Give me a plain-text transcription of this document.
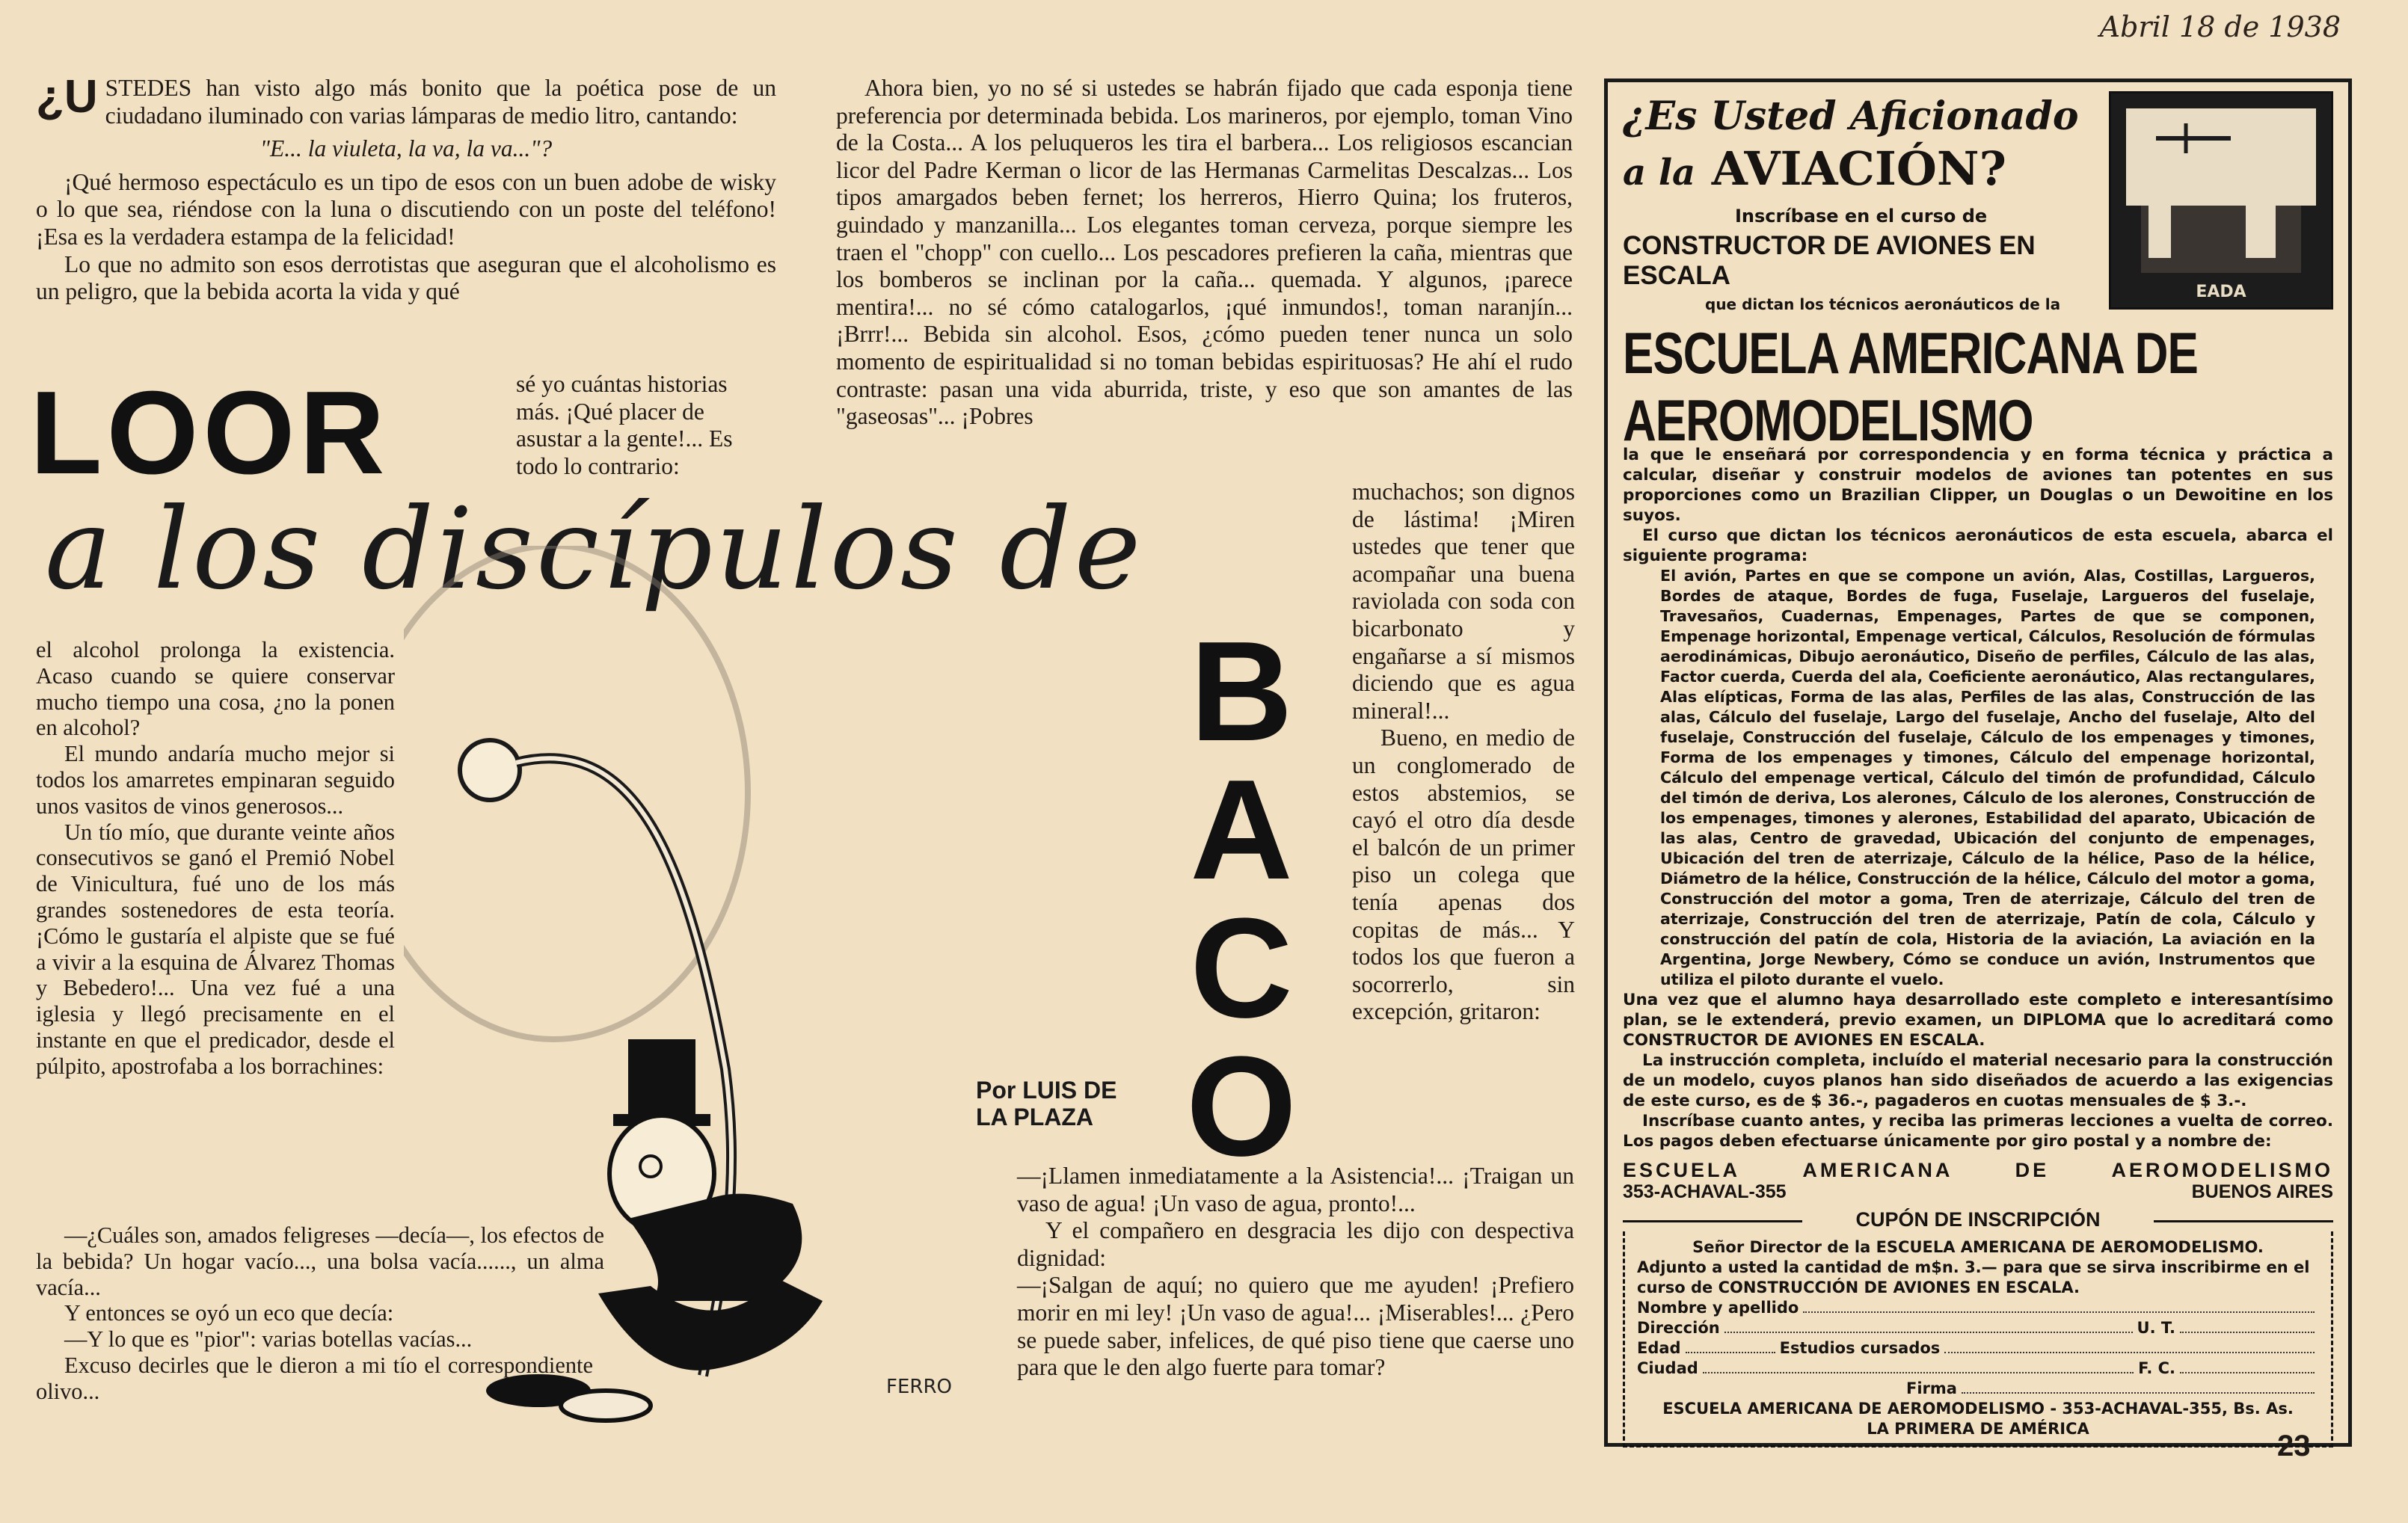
Abril 18 de 1938
¿U STEDES han visto algo más bonito que la poética pose de un ciudadano iluminado con varias lámparas de medio litro, cantando:

"E... la viuleta, la va, la va..."?

¡Qué hermoso espectáculo es un tipo de esos con un buen adobe de wisky o lo que sea, riéndose con la luna o discutiendo con un poste del teléfono! ¡Esa es la verdadera estampa de la felicidad!

Lo que no admito son esos derrotistas que aseguran que el alcoholismo es un peligro, que la bebida acorta la vida y qué

sé yo cuántas historias más. ¡Qué placer de asustar a la gente!... Es todo lo contrario:

LOOR
a los discípulos de
FERRO
B
A
C
O
Por LUIS DE
LA PLAZA

el alcohol prolonga la existencia. Acaso cuando se quiere conservar mucho tiempo una cosa, ¿no la ponen en alcohol?

El mundo andaría mucho mejor si todos los amarretes empinaran seguido unos vasitos de vinos generosos...

Un tío mío, que durante veinte años consecutivos se ganó el Premió Nobel de Vinicultura, fué uno de los más grandes sostenedores de esta teoría. ¡Cómo le gustaría el alpiste que se fué a vivir a la esquina de Álvarez Thomas y Bebedero!... Una vez fué a una iglesia y llegó precisamente en el instante en que el predicador, desde el púlpito, apostrofaba a los borrachines:

—¿Cuáles son, amados feligreses —decía—, los efectos de la bebida? Un hogar vacío..., una bolsa vacía......, un alma vacía...

Y entonces se oyó un eco que decía:

—Y lo que es "pior": varias botellas vacías...

Excuso decirles que le dieron a mi tío el correspondiente olivo...

Ahora bien, yo no sé si ustedes se habrán fijado que cada esponja tiene preferencia por determinada bebida. Los marineros, por ejemplo, toman Vino de la Costa... A los peluqueros les tira el barbera... Los religiosos escancian licor del Padre Kerman o licor de las Hermanas Carmelitas Descalzas... Los tipos amargados beben fernet; los herreros, Hierro Quina; los fruteros, guindado y manzanilla... Los elegantes toman cerveza, porque siempre les traen el "chopp" con cuello... Los pescadores prefieren la caña, mientras que los bomberos se inclinan por la caña... quemada. Y algunos, ¡parece mentira!... no sé cómo catalogarlos, ¡qué inmundos!, toman naranjín... ¡Brrr!... Bebida sin alcohol. Esos, ¿cómo pueden tener nunca un solo momento de espiritualidad si no toman bebidas espirituosas? He ahí el rudo contraste: pasan una vida aburrida, triste, y eso que son amantes de las "gaseosas"... ¡Pobres

muchachos; son dignos de lástima! ¡Miren ustedes que tener que acompañar una buena raviolada con soda con bicarbonato y engañarse a sí mismos diciendo que es agua mineral!...

Bueno, en medio de un conglomerado de estos abstemios, se cayó el otro día desde el balcón de un primer piso un colega que tenía apenas dos copitas de más... Y todos los que fueron a socorrerlo, sin excepción, gritaron:

—¡Llamen inmediatamente a la Asistencia!... ¡Traigan un vaso de agua! ¡Un vaso de agua, pronto!...

Y el compañero en desgracia les dijo con despectiva dignidad:

—¡Salgan de aquí; no quiero que me ayuden! ¡Prefiero morir en mi ley! ¡Un vaso de agua!... ¡Miserables!... ¿Pero se puede saber, infelices, de qué piso tiene que caerse uno para que le den algo fuerte para tomar?

EADA
¿Es Usted Aficionado
a la AVIACIÓN?
Inscríbase en el curso de
CONSTRUCTOR DE AVIONES EN ESCALA
que dictan los técnicos aeronáuticos de la
ESCUELA AMERICANA DE AEROMODELISMO

la que le enseñará por correspondencia y en forma técnica y práctica a calcular, diseñar y construir modelos de aviones tan potentes en sus proporciones como un Brazilian Clipper, un Douglas o un Dewoitine en los suyos.

El curso que dictan los técnicos aeronáuticos de esta escuela, abarca el siguiente programa:

El avión, Partes en que se compone un avión, Alas, Costillas, Largueros, Bordes de ataque, Bordes de fuga, Fuselaje, Largueros del fuselaje, Travesaños, Cuadernas, Empenages, Partes de que se componen, Empenage horizontal, Empenage vertical, Cálculos, Resolución de fórmulas aerodinámicas, Dibujo aeronáutico, Diseño de perfiles, Cálculo de las alas, Factor cuerda, Cuerda del ala, Coeficiente aeronáutico, Alas rectangulares, Alas elípticas, Forma de las alas, Perfiles de las alas, Construcción de las alas, Cálculo del fuselaje, Largo del fuselaje, Ancho del fuselaje, Alto del fuselaje, Construcción del fuselaje, Cálculo de los empenages y timones, Forma de los empenages y timones, Cálculo del empenage horizontal, Cálculo del empenage vertical, Cálculo del timón de profundidad, Cálculo del timón de deriva, Los alerones, Cálculo de los alerones, Construcción de los empenages, timones y alerones, Estabilidad del aparato, Ubicación de las alas, Centro de gravedad, Ubicación del conjunto de empenages, Ubicación del tren de aterrizaje, Cálculo de la hélice, Paso de la hélice, Diámetro de la hélice, Construcción de la hélice, Cálculo del motor a goma, Construcción del motor a goma, Tren de aterrizaje, Cálculo del tren de aterrizaje, Construcción del tren de aterrizaje, Patín de cola, Cálculo y construcción del patín de cola, Historia de la aviación, La aviación en la Argentina, Jorge Newbery, Cómo se conduce un avión, Instrumentos que utiliza el piloto durante el vuelo.

Una vez que el alumno haya desarrollado este completo e interesantísimo plan, se le extenderá, previo examen, un DIPLOMA que lo acreditará como CONSTRUCTOR DE AVIONES EN ESCALA.

La instrucción completa, incluído el material necesario para la construcción de un modelo, cuyos planos han sido diseñados de acuerdo a las exigencias de este curso, es de $ 36.-, pagaderos en cuotas mensuales de $ 3.-.

Inscríbase cuanto antes, y reciba las primeras lecciones a vuelta de correo. Los pagos deben efectuarse únicamente por giro postal y a nombre de:

ESCUELA	AMERICANA	DE	AEROMODELISMO
353-ACHAVAL-355	BUENOS AIRES
CUPÓN DE INSCRIPCIÓN
Señor Director de la ESCUELA AMERICANA DE AEROMODELISMO.
Adjunto a usted la cantidad de m$n. 3.— para que se sirva inscribirme en el curso de CONSTRUCCIÓN DE AVIONES EN ESCALA.
Nombre y apellido
Dirección	U. T.
Edad	Estudios cursados
Ciudad	F. C.
Firma
ESCUELA AMERICANA DE AEROMODELISMO - 353-ACHAVAL-355, Bs. As.
LA PRIMERA DE AMÉRICA
23
